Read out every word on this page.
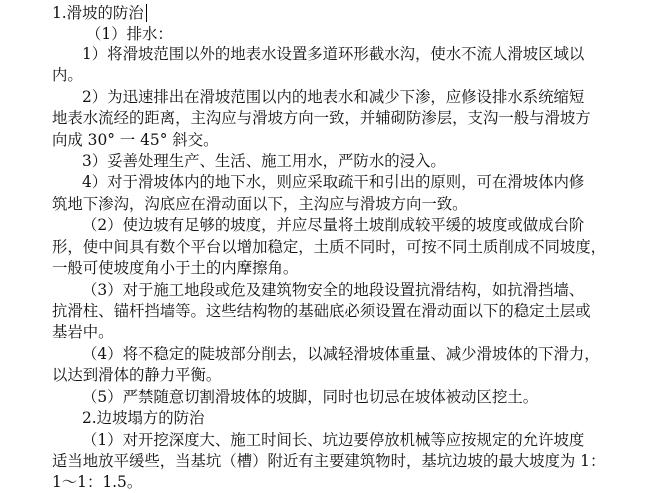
1.滑坡的防治

（1）排水：

1）将滑坡范围以外的地表水设置多道环形截水沟，使水不流人滑坡区域以

内。

2）为迅速排出在滑坡范围以内的地表水和减少下渗，应修设排水系统缩短

地表水流经的距离，主沟应与滑坡方向一致，并辅砌防渗层，支沟一般与滑坡方

向成 30° 一 45° 斜交。

3）妥善处理生产、生活、施工用水，严防水的浸入。

4）对于滑坡体内的地下水，则应采取疏干和引出的原则，可在滑坡体内修

筑地下渗沟，沟底应在滑动面以下，主沟应与滑坡方向一致。

（2）使边坡有足够的坡度，并应尽量将土坡削成较平缓的坡度或做成台阶

形，使中间具有数个平台以增加稳定，土质不同时，可按不同土质削成不同坡度，

一般可使坡度角小于土的内摩擦角。

（3）对于施工地段或危及建筑物安全的地段设置抗滑结构，如抗滑挡墙、

抗滑柱、锚杆挡墙等。这些结构物的基础底必须设置在滑动面以下的稳定土层或

基岩中。

（4）将不稳定的陡坡部分削去，以减轻滑坡体重量、减少滑坡体的下滑力，

以达到滑体的静力平衡。

（5）严禁随意切割滑坡体的坡脚，同时也切忌在坡体被动区挖土。

2.边坡塌方的防治

（1）对开挖深度大、施工时间长、坑边要停放机械等应按规定的允许坡度

适当地放平缓些，当基坑（槽）附近有主要建筑物时，基坑边坡的最大坡度为 1：

1～1：1.5。
